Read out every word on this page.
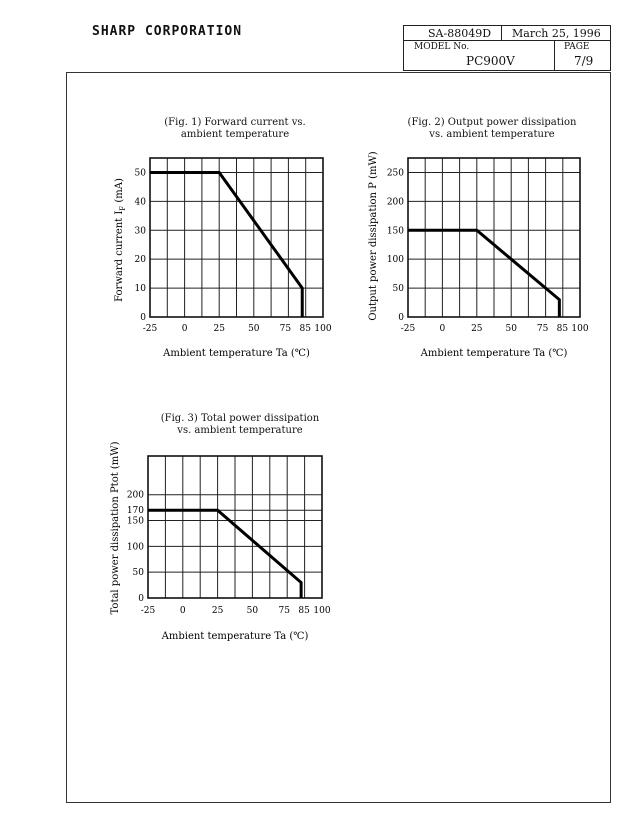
SHARP CORPORATION	SA-88049D March 25, 1996
MODEL No.
PC900V
PAGE
7/9
(Fig. 1) Forward current vs.
ambient temperature
(Fig. 2) Output power dissipation
vs. ambient temperature
(Fig. 3) Total power dissipation
vs. ambient temperature
0
10
20
30
40
50
-25	0	25	50 75 85 100
Ambient temperature Ta (℃)
Forward current $I_F$ (mA)
0
50
100
150
200
250
-25	0	25	50 75 85 100
Ambient temperature Ta (℃)
Output power dissipation P (mW)
0
50
100
150
170
200
-25	0	25	50 75 85 100
Ambient temperature Ta (℃)
Total power dissipation Ptot (mW)
